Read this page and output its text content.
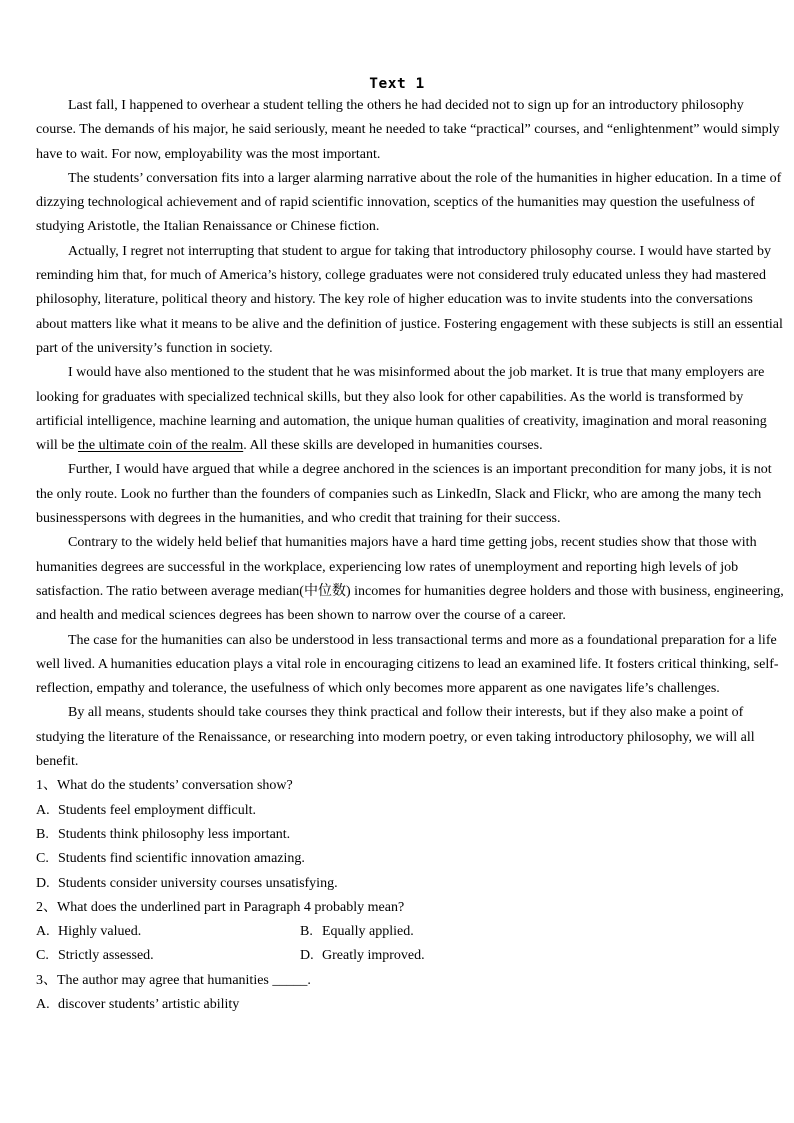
Text 1

Last fall, I happened to overhear a student telling the others he had decided not to sign up for an introductory philosophy course. The demands of his major, he said seriously, meant he needed to take “practical” courses, and “enlightenment” would simply have to wait. For now, employability was the most important.

The students’ conversation fits into a larger alarming narrative about the role of the humanities in higher education. In a time of dizzying technological achievement and of rapid scientific innovation, sceptics of the humanities may question the usefulness of studying Aristotle, the Italian Renaissance or Chinese fiction.

Actually, I regret not interrupting that student to argue for taking that introductory philosophy course. I would have started by reminding him that, for much of America’s history, college graduates were not considered truly educated unless they had mastered philosophy, literature, political theory and history. The key role of higher education was to invite students into the conversations about matters like what it means to be alive and the definition of justice. Fostering engagement with these subjects is still an essential part of the university’s function in society.

I would have also mentioned to the student that he was misinformed about the job market. It is true that many employers are looking for graduates with specialized technical skills, but they also look for other capabilities. As the world is transformed by artificial intelligence, machine learning and automation, the unique human qualities of creativity, imagination and moral reasoning will be the ultimate coin of the realm. All these skills are developed in humanities courses.

Further, I would have argued that while a degree anchored in the sciences is an important precondition for many jobs, it is not the only route. Look no further than the founders of companies such as LinkedIn, Slack and Flickr, who are among the many tech businesspersons with degrees in the humanities, and who credit that training for their success.

Contrary to the widely held belief that humanities majors have a hard time getting jobs, recent studies show that those with humanities degrees are successful in the workplace, experiencing low rates of unemployment and reporting high levels of job satisfaction. The ratio between average median(中位数) incomes for humanities degree holders and those with business, engineering, and health and medical sciences degrees has been shown to narrow over the course of a career.

The case for the humanities can also be understood in less transactional terms and more as a foundational preparation for a life well lived. A humanities education plays a vital role in encouraging citizens to lead an examined life. It fosters critical thinking, self-reflection, empathy and tolerance, the usefulness of which only becomes more apparent as one navigates life’s challenges.

By all means, students should take courses they think practical and follow their interests, but if they also make a point of studying the literature of the Renaissance, or researching into modern poetry, or even taking introductory philosophy, we will all benefit.

1、What do the students’ conversation show?
A. Students feel employment difficult.
B. Students think philosophy less important.
C. Students find scientific innovation amazing.
D. Students consider university courses unsatisfying.
2、What does the underlined part in Paragraph 4 probably mean?
A. Highly valued.	B. Equally applied.
C. Strictly assessed.	D. Greatly improved.
3、The author may agree that humanities _____.
A. discover students’ artistic ability
